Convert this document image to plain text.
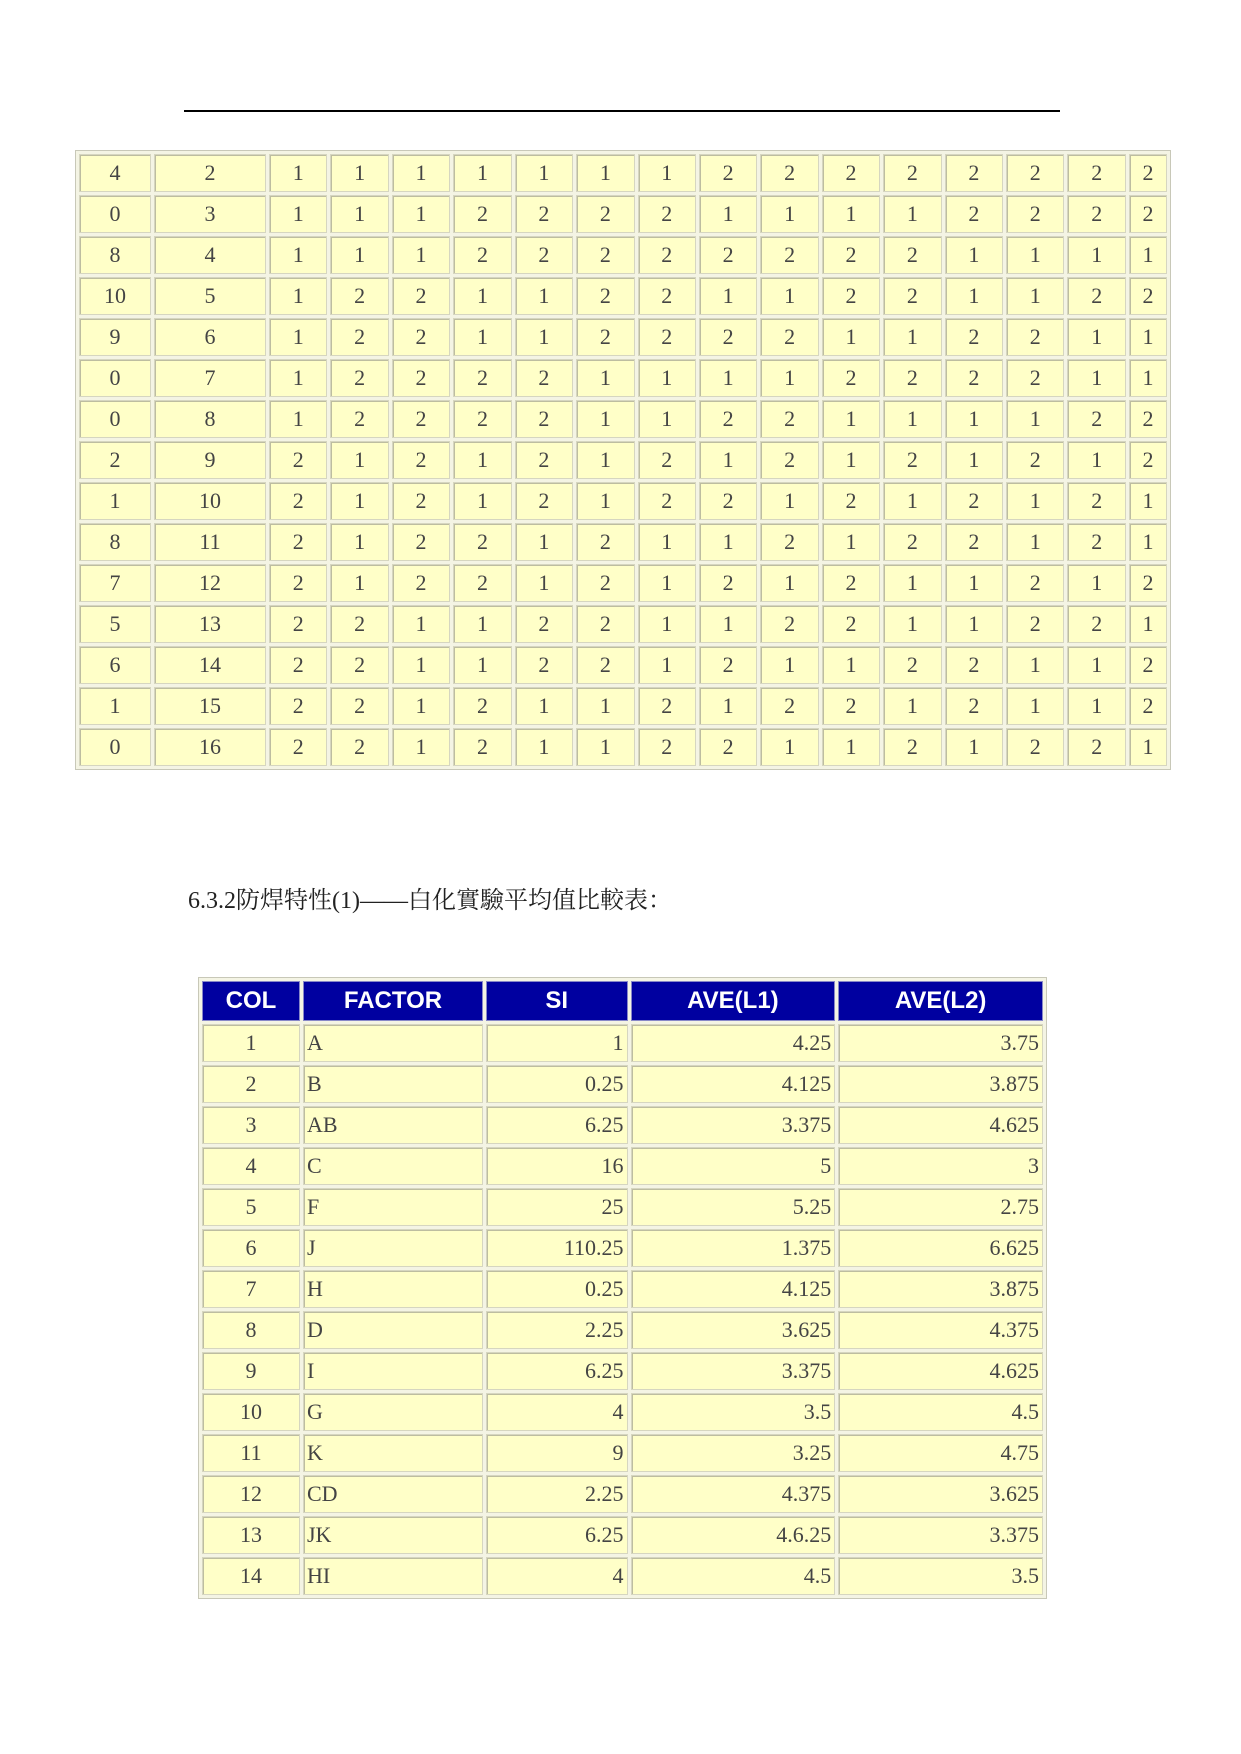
4	2	1	1	1	1	1	1	1	2	2	2	2	2	2	2	2
0	3	1	1	1	2	2	2	2	1	1	1	1	2	2	2	2
8	4	1	1	1	2	2	2	2	2	2	2	2	1	1	1	1
10	5	1	2	2	1	1	2	2	1	1	2	2	1	1	2	2
9	6	1	2	2	1	1	2	2	2	2	1	1	2	2	1	1
0	7	1	2	2	2	2	1	1	1	1	2	2	2	2	1	1
0	8	1	2	2	2	2	1	1	2	2	1	1	1	1	2	2
2	9	2	1	2	1	2	1	2	1	2	1	2	1	2	1	2
1	10	2	1	2	1	2	1	2	2	1	2	1	2	1	2	1
8	11	2	1	2	2	1	2	1	1	2	1	2	2	1	2	1
7	12	2	1	2	2	1	2	1	2	1	2	1	1	2	1	2
5	13	2	2	1	1	2	2	1	1	2	2	1	1	2	2	1
6	14	2	2	1	1	2	2	1	2	1	1	2	2	1	1	2
1	15	2	2	1	2	1	1	2	1	2	2	1	2	1	1	2
0	16	2	2	1	2	1	1	2	2	1	1	2	1	2	2	1
6.3.2防焊特性(1)——白化實驗平均值比較表：
COL	FACTOR	SI	AVE(L1)	AVE(L2)
1	A	1	4.25	3.75
2	B	0.25	4.125	3.875
3	AB	6.25	3.375	4.625
4	C	16	5	3
5	F	25	5.25	2.75
6	J	110.25	1.375	6.625
7	H	0.25	4.125	3.875
8	D	2.25	3.625	4.375
9	I	6.25	3.375	4.625
10	G	4	3.5	4.5
11	K	9	3.25	4.75
12	CD	2.25	4.375	3.625
13	JK	6.25	4.6.25	3.375
14	HI	4	4.5	3.5
